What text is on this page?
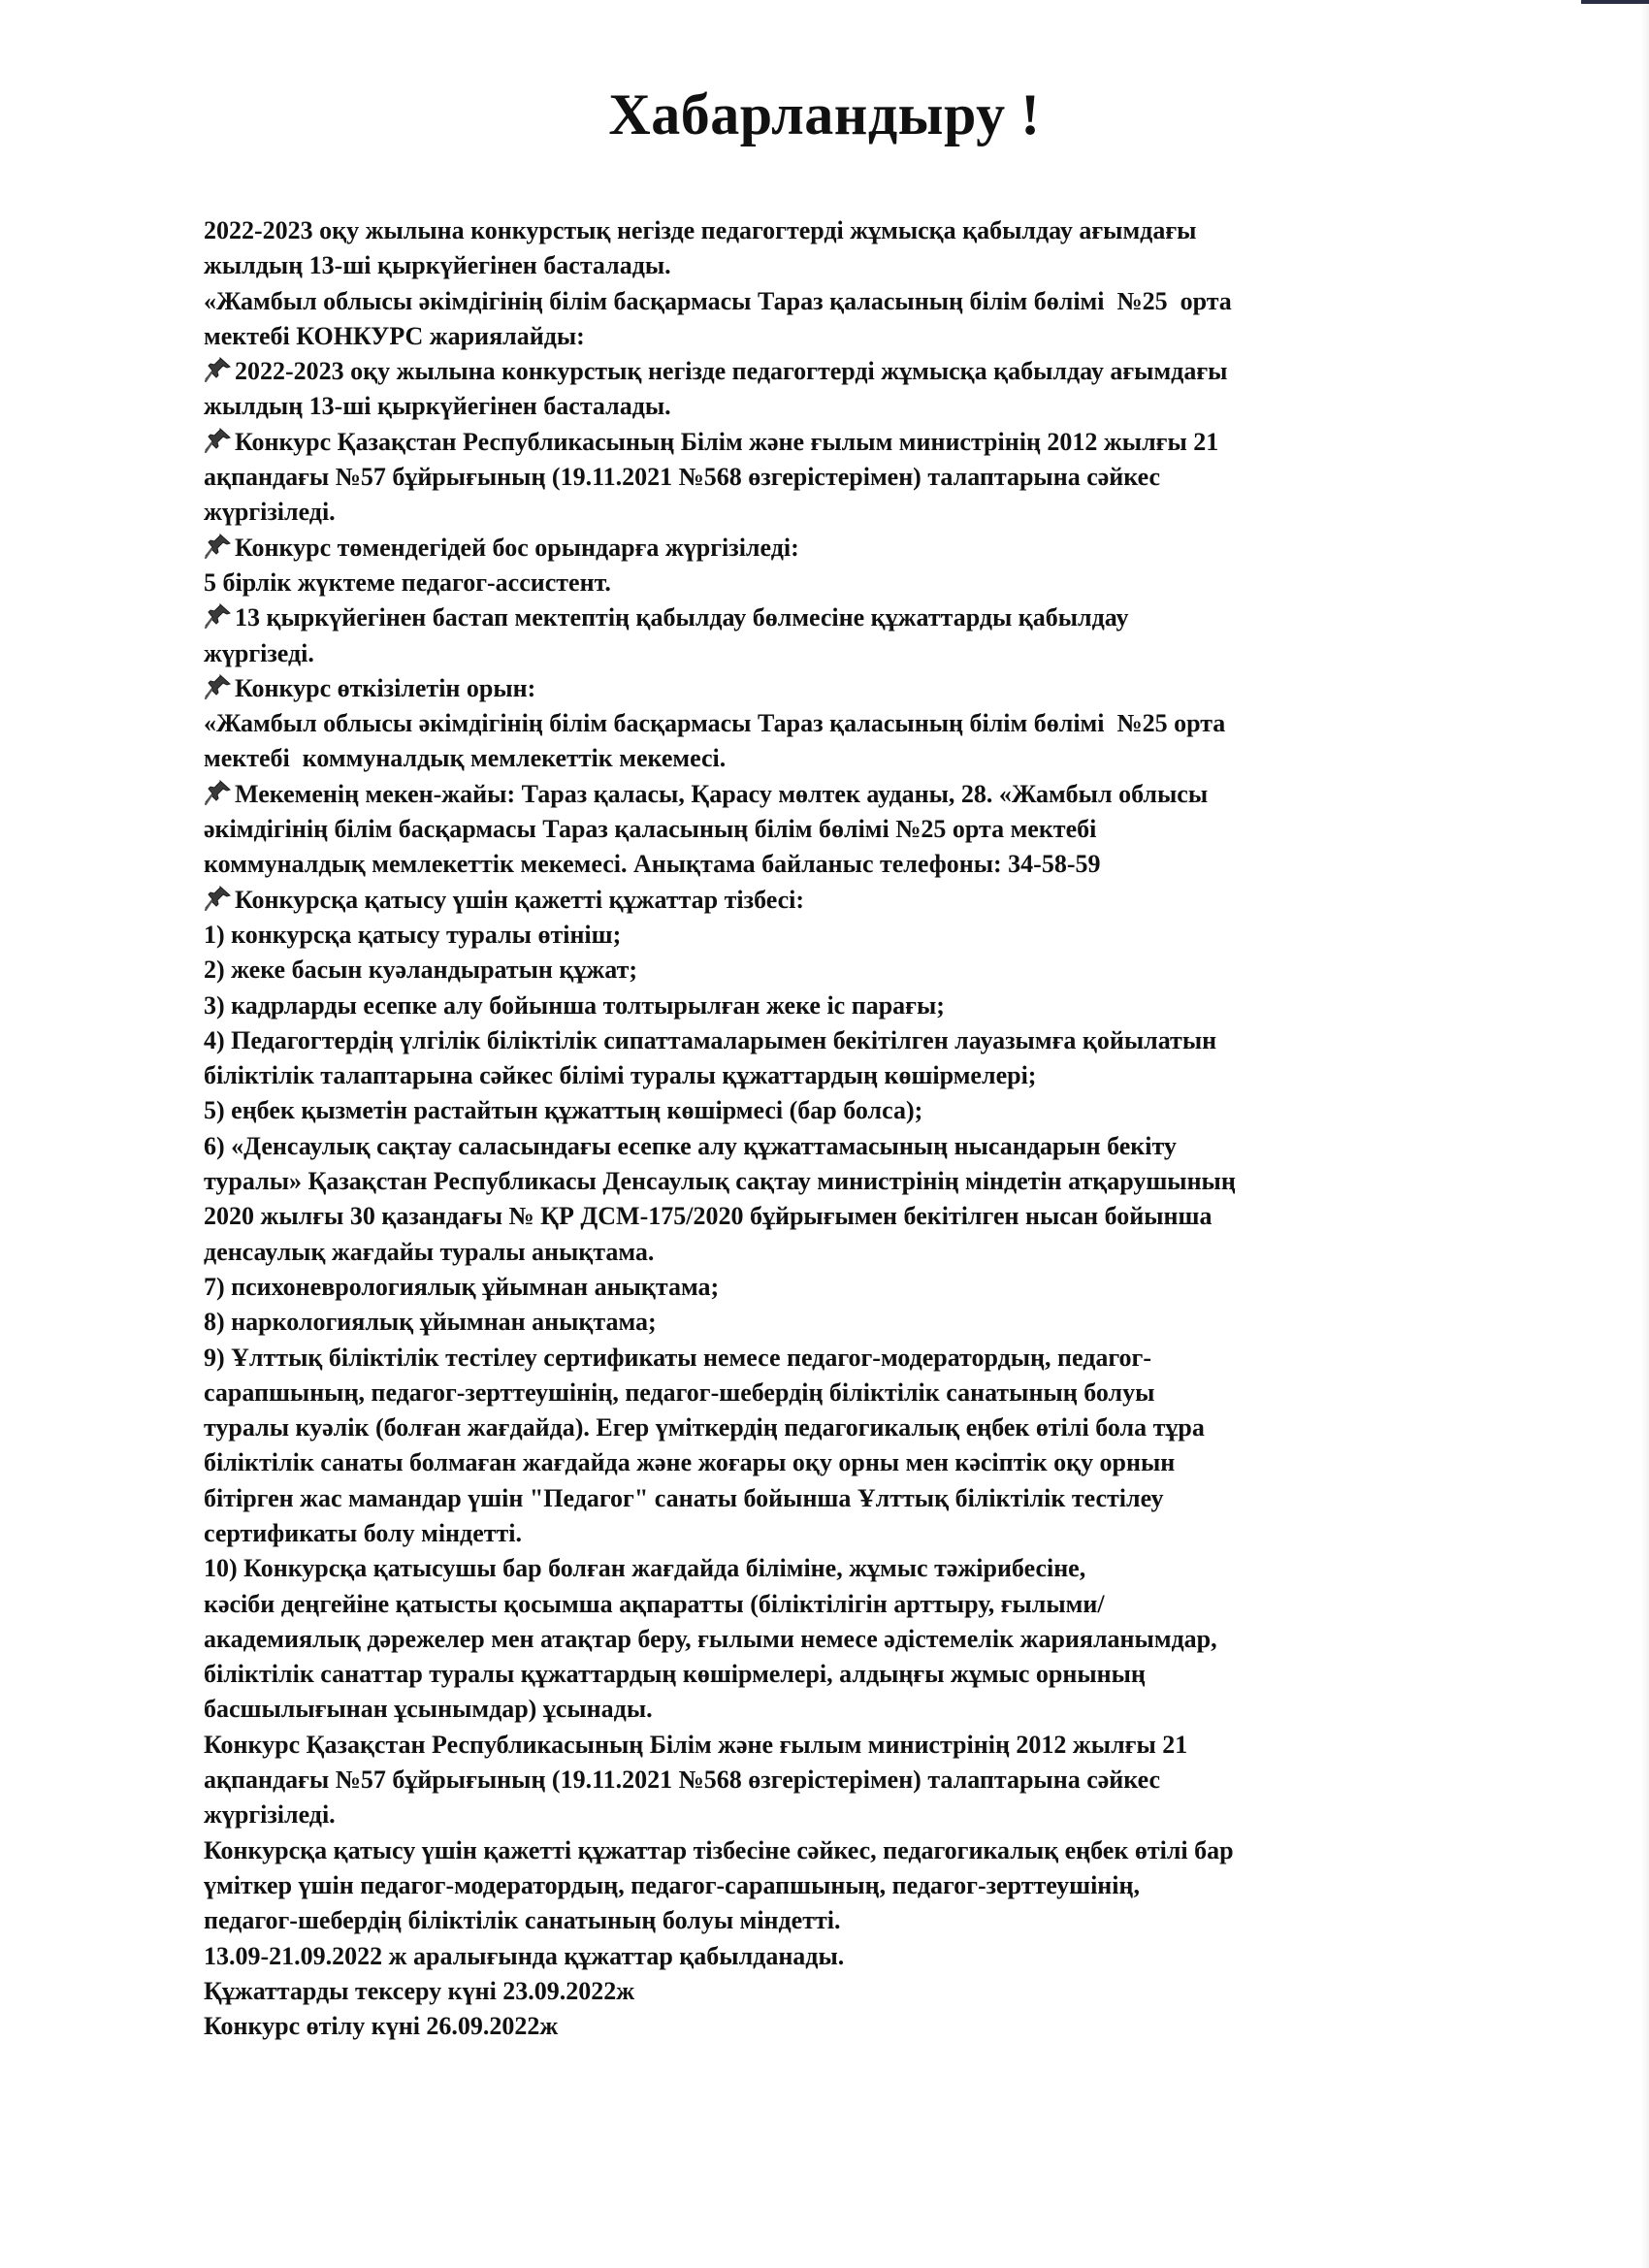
Хабарландыру !
2022-2023 оқу жылына конкурстық негізде педагогтерді жұмысқа қабылдау ағымдағы
жылдың 13-ші қыркүйегінен басталады.
«Жамбыл облысы әкімдігінің білім басқармасы Тараз қаласының білім бөлімі  №25  орта
мектебі КОНКУРС жариялайды:
2022-2023 оқу жылына конкурстық негізде педагогтерді жұмысқа қабылдау ағымдағы
жылдың 13-ші қыркүйегінен басталады.
Конкурс Қазақстан Республикасының Білім және ғылым министрінің 2012 жылғы 21
ақпандағы №57 бұйрығының (19.11.2021 №568 өзгерістерімен) талаптарына сәйкес
жүргізіледі.
Конкурс төмендегідей бос орындарға жүргізіледі:
5 бірлік жүктеме педагог-ассистент.
13 қыркүйегінен бастап мектептің қабылдау бөлмесіне құжаттарды қабылдау
жүргізеді.
Конкурс өткізілетін орын:
«Жамбыл облысы әкімдігінің білім басқармасы Тараз қаласының білім бөлімі  №25 орта
мектебі  коммуналдық мемлекеттік мекемесі.
Мекеменің мекен-жайы: Тараз қаласы, Қарасу мөлтек ауданы, 28. «Жамбыл облысы
әкімдігінің білім басқармасы Тараз қаласының білім бөлімі №25 орта мектебі
коммуналдық мемлекеттік мекемесі. Анықтама байланыс телефоны: 34-58-59
Конкурсқа қатысу үшін қажетті құжаттар тізбесі:
1) конкурсқа қатысу туралы өтініш;
2) жеке басын куәландыратын құжат;
3) кадрларды есепке алу бойынша толтырылған жеке іс парағы;
4) Педагогтердің үлгілік біліктілік сипаттамаларымен бекітілген лауазымға қойылатын
біліктілік талаптарына сәйкес білімі туралы құжаттардың көшірмелері;
5) еңбек қызметін растайтын құжаттың көшірмесі (бар болса);
6) «Денсаулық сақтау саласындағы есепке алу құжаттамасының нысандарын бекіту
туралы» Қазақстан Республикасы Денсаулық сақтау министрінің міндетін атқарушының
2020 жылғы 30 қазандағы № ҚР ДСМ-175/2020 бұйрығымен бекітілген нысан бойынша
денсаулық жағдайы туралы анықтама.
7) психоневрологиялық ұйымнан анықтама;
8) наркологиялық ұйымнан анықтама;
9) Ұлттық біліктілік тестілеу сертификаты немесе педагог-модератордың, педагог-
сарапшының, педагог-зерттеушінің, педагог-шебердің біліктілік санатының болуы
туралы куәлік (болған жағдайда). Егер үміткердің педагогикалық еңбек өтілі бола тұра
біліктілік санаты болмаған жағдайда және жоғары оқу орны мен кәсіптік оқу орнын
бітірген жас мамандар үшін "Педагог" санаты бойынша Ұлттық біліктілік тестілеу
сертификаты болу міндетті.
10) Конкурсқа қатысушы бар болған жағдайда біліміне, жұмыс тәжірибесіне,
кәсіби деңгейіне қатысты қосымша ақпаратты (біліктілігін арттыру, ғылыми/
академиялық дәрежелер мен атақтар беру, ғылыми немесе әдістемелік жарияланымдар,
біліктілік санаттар туралы құжаттардың көшірмелері, алдыңғы жұмыс орнының
басшылығынан ұсынымдар) ұсынады.
Конкурс Қазақстан Республикасының Білім және ғылым министрінің 2012 жылғы 21
ақпандағы №57 бұйрығының (19.11.2021 №568 өзгерістерімен) талаптарына сәйкес
жүргізіледі.
Конкурсқа қатысу үшін қажетті құжаттар тізбесіне сәйкес, педагогикалық еңбек өтілі бар
үміткер үшін педагог-модератордың, педагог-сарапшының, педагог-зерттеушінің,
педагог-шебердің біліктілік санатының болуы міндетті.
13.09-21.09.2022 ж аралығында құжаттар қабылданады.
Құжаттарды тексеру күні 23.09.2022ж
Конкурс өтілу күні 26.09.2022ж
